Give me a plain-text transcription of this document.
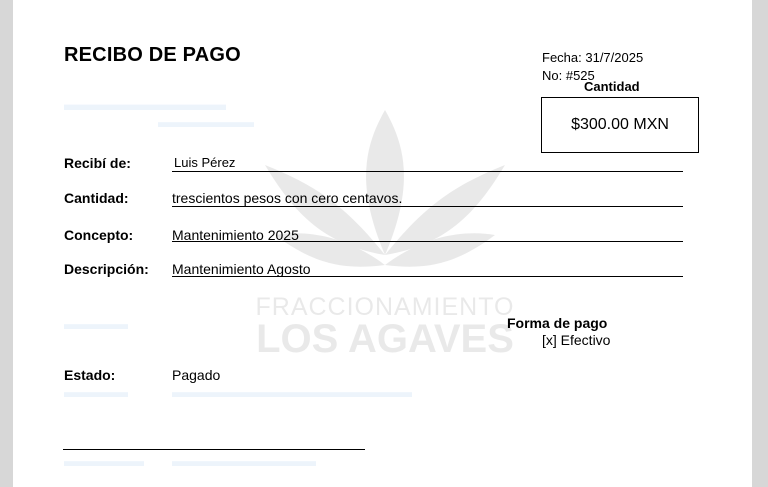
RECIBO DE PAGO	Fecha: 31/7/2025
No: #525
Cantidad
$300.00 MXN
Recibí de:	Luis Pérez
Cantidad:	trescientos pesos con cero centavos.
Concepto:	Mantenimiento 2025
Descripción: Mantenimiento Agosto
Forma de pago
[x] Efectivo
Estado:	Pagado
